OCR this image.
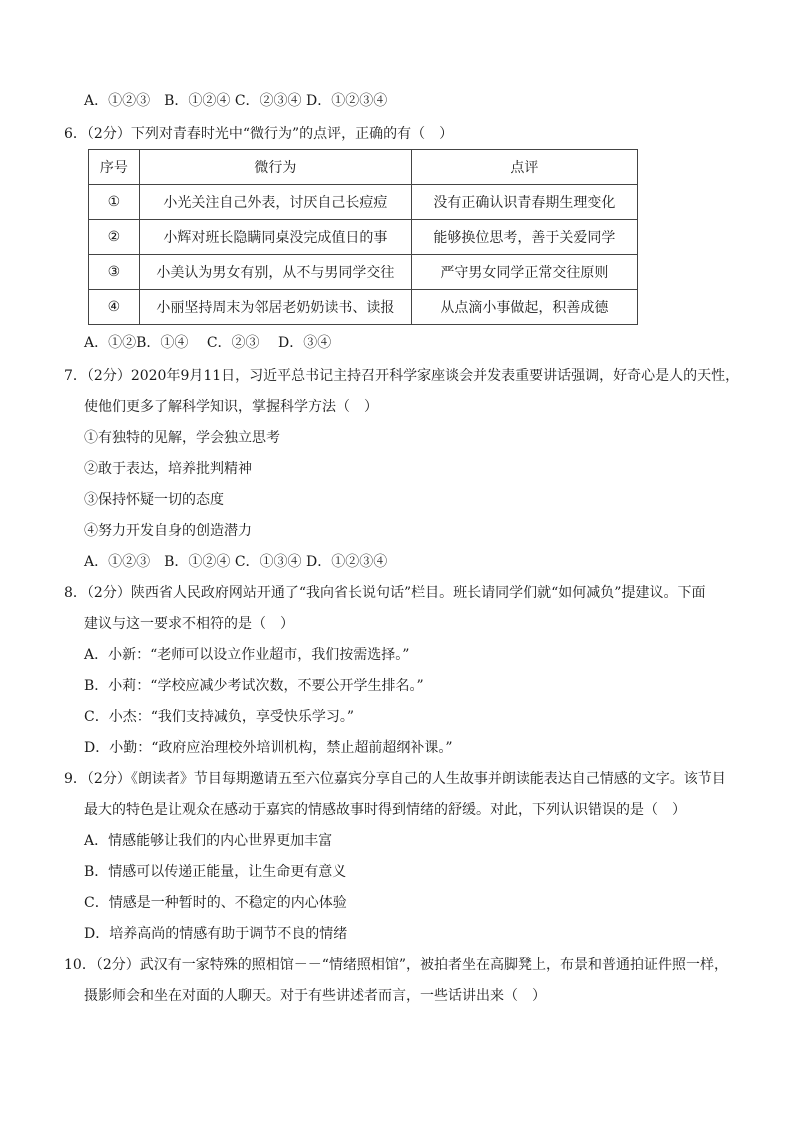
A．①②③　B．①②④ C．②③④ D．①②③④
6．（2分）下列对青春时光中“微行为”的点评，正确的有（　）
序号	微行为	点评
①	小光关注自己外表，讨厌自己长痘痘	没有正确认识青春期生理变化
②	小辉对班长隐瞒同桌没完成值日的事	能够换位思考，善于关爱同学
③	小美认为男女有别，从不与男同学交往	严守男女同学正常交往原则
④	小丽坚持周末为邻居老奶奶读书、读报	从点滴小事做起，积善成德
A．①②B．①④　 C．②③　 D．③④
7．（2分）2020年9月11日，习近平总书记主持召开科学家座谈会并发表重要讲话强调，好奇心是人的天性，
使他们更多了解科学知识，掌握科学方法（　）
①有独特的见解，学会独立思考
②敢于表达，培养批判精神
③保持怀疑一切的态度
④努力开发自身的创造潜力
A．①②③　B．①②④ C．①③④ D．①②③④
8．（2分）陕西省人民政府网站开通了“我向省长说句话”栏目。班长请同学们就“如何减负”提建议。下面
建议与这一要求不相符的是（　）
A．小新：“老师可以设立作业超市，我们按需选择。”
B．小莉：“学校应减少考试次数，不要公开学生排名。”
C．小杰：“我们支持减负，享受快乐学习。”
D．小勤：“政府应治理校外培训机构，禁止超前超纲补课。”
9．（2分）《朗读者》节目每期邀请五至六位嘉宾分享自己的人生故事并朗读能表达自己情感的文字。该节目
最大的特色是让观众在感动于嘉宾的情感故事时得到情绪的舒缓。对此，下列认识错误的是（　）
A．情感能够让我们的内心世界更加丰富
B．情感可以传递正能量，让生命更有意义
C．情感是一种暂时的、不稳定的内心体验
D．培养高尚的情感有助于调节不良的情绪
10．（2分）武汉有一家特殊的照相馆－－“情绪照相馆”，被拍者坐在高脚凳上，布景和普通拍证件照一样，
摄影师会和坐在对面的人聊天。对于有些讲述者而言，一些话讲出来（　）
